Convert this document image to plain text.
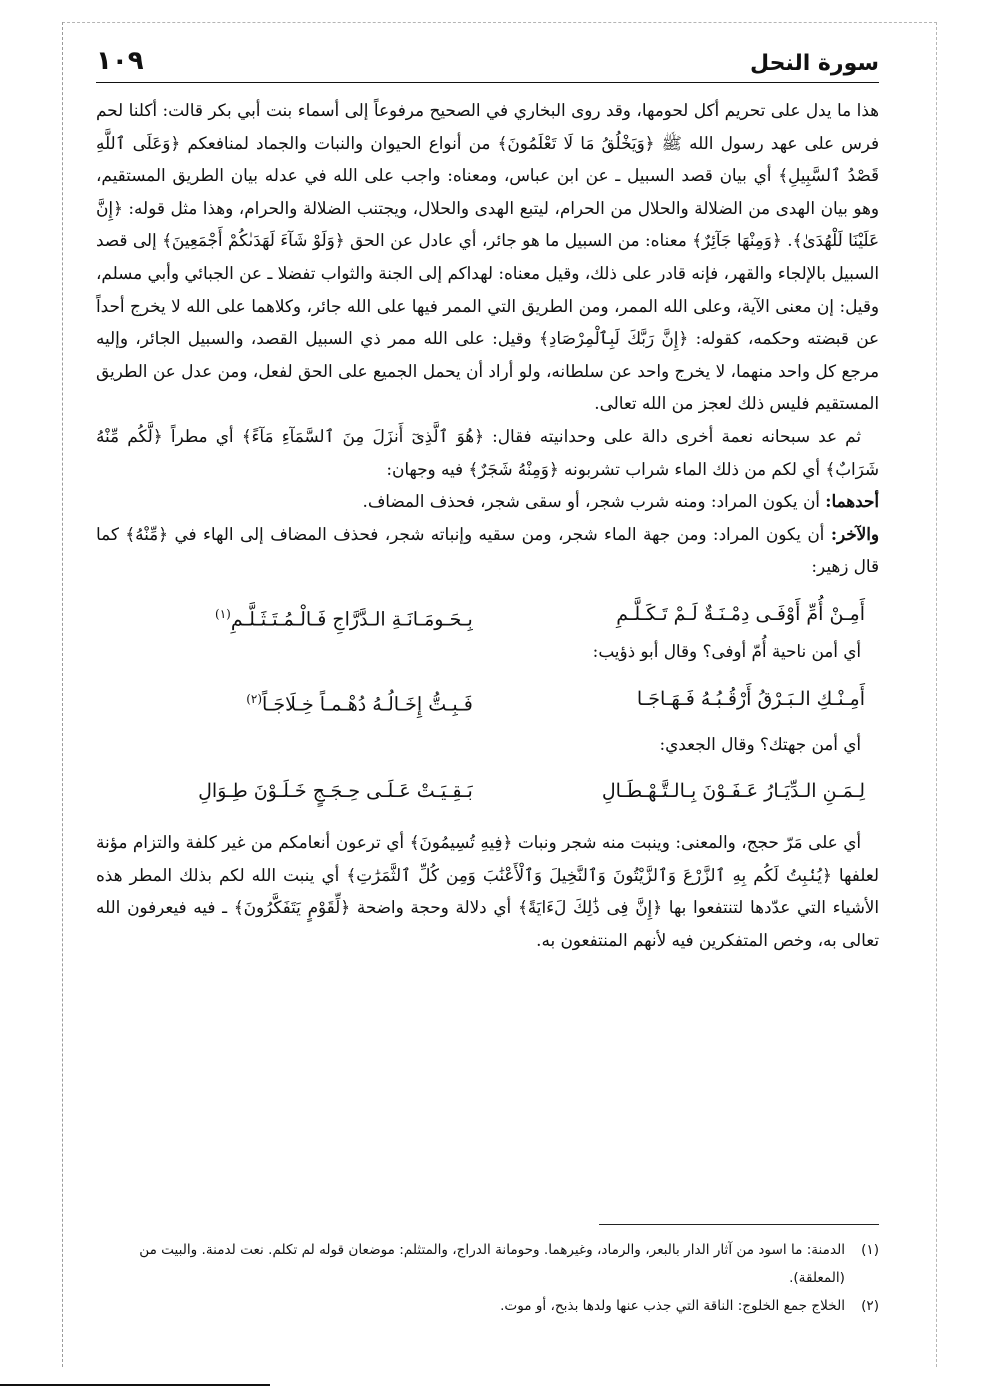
سورة النحل
١٠٩

هذا ما يدل على تحريم أكل لحومها، وقد روى البخاري في الصحيح مرفوعاً إلى أسماء بنت أبي بكر قالت: أكلنا لحم فرس على عهد رسول الله ﷺ ﴿وَيَخْلُقُ مَا لَا تَعْلَمُونَ﴾ من أنواع الحيوان والنبات والجماد لمنافعكم ﴿وَعَلَى ٱللَّهِ قَصْدُ ٱلسَّبِيلِ﴾ أي بيان قصد السبيل ـ عن ابن عباس، ومعناه: واجب على الله في عدله بيان الطريق المستقيم، وهو بيان الهدى من الضلالة والحلال من الحرام، ليتبع الهدى والحلال، ويجتنب الضلالة والحرام، وهذا مثل قوله: ﴿إِنَّ عَلَيْنَا لَلْهُدَىٰ﴾. ﴿وَمِنْهَا جَآئِرٌ﴾ معناه: من السبيل ما هو جائر، أي عادل عن الحق ﴿وَلَوْ شَآءَ لَهَدَىٰكُمْ أَجْمَعِينَ﴾ إلى قصد السبيل بالإلجاء والقهر، فإنه قادر على ذلك، وقيل معناه: لهداكم إلى الجنة والثواب تفضلا ـ عن الجبائي وأبي مسلم، وقيل: إن معنى الآية، وعلى الله الممر، ومن الطريق التي الممر فيها على الله جائر، وكلاهما على الله لا يخرج أحداً عن قبضته وحكمه، كقوله: ﴿إِنَّ رَبَّكَ لَبِٱلْمِرْصَادِ﴾ وقيل: على الله ممر ذي السبيل القصد، والسبيل الجائر، وإليه مرجع كل واحد منهما، لا يخرج واحد عن سلطانه، ولو أراد أن يحمل الجميع على الحق لفعل، ومن عدل عن الطريق المستقيم فليس ذلك لعجز من الله تعالى.

ثم عد سبحانه نعمة أخرى دالة على وحدانيته فقال: ﴿هُوَ ٱلَّذِىٓ أَنزَلَ مِنَ ٱلسَّمَآءِ مَآءً﴾ أي مطراً ﴿لَّكُم مِّنْهُ شَرَابٌ﴾ أي لكم من ذلك الماء شراب تشربونه ﴿وَمِنْهُ شَجَرٌ﴾ فيه وجهان:

أحدهما: أن يكون المراد: ومنه شرب شجر، أو سقى شجر، فحذف المضاف.

والآخر: أن يكون المراد: ومن جهة الماء شجر، ومن سقيه وإنباته شجر، فحذف المضاف إلى الهاء في ﴿مِّنْهُ﴾ كما قال زهير:

أَمِـنْ أُمِّ أَوْفَـى دِمْـنَـةٌ لَـمْ تَـكَـلَّـمِ
بِـحَـومَـانَـةِ الـدَّرَّاجِ فَـالْـمُـتَـثَـلَّـمِ$^{(١)}$

أي أمن ناحية أُمّ أوفى؟ وقال أبو ذؤيب:

أَمِـنْـكِ الـبَـرْقُ أَرْقُـبُـهُ فَـهَـاجَـا
فَـبِـتُّ إِخَـالُـهُ دُهْـمـاً خِـلَاجَـاً$^{(٢)}$

أي أمن جهتك؟ وقال الجعدي:

لِـمَـنِ الـدِّيَـارُ عَـفَـوْنَ بِـالـتَّـهْـطَـالِ
بَـقِـيَـتْ عَـلَـى حِـجَـجٍ خَـلَـوْنَ طِـوَالِ

أي على مَرّ حجج، والمعنى: وينبت منه شجر ونبات ﴿فِيهِ تُسِيمُونَ﴾ أي ترعون أنعامكم من غير كلفة والتزام مؤنة لعلفها ﴿يُنۢبِتُ لَكُم بِهِ ٱلزَّرْعَ وَٱلزَّيْتُونَ وَٱلنَّخِيلَ وَٱلْأَعْنَٰبَ وَمِن كُلِّ ٱلثَّمَرَٰتِ﴾ أي ينبت الله لكم بذلك المطر هذه الأشياء التي عدّدها لتنتفعوا بها ﴿إِنَّ فِى ذَٰلِكَ لَءَايَةً﴾ أي دلالة وحجة واضحة ﴿لِّقَوْمٍ يَتَفَكَّرُونَ﴾ ـ فيه فيعرفون الله تعالى به، وخص المتفكرين فيه لأنهم المنتفعون به.

(١)
الدمنة: ما اسود من آثار الدار بالبعر، والرماد، وغيرهما. وحومانة الدراج، والمتثلم: موضعان قوله لم تكلم. نعت لدمنة. والبيت من (المعلقة).
(٢)
الخلاج جمع الخلوج: الناقة التي جذب عنها ولدها بذبح، أو موت.
